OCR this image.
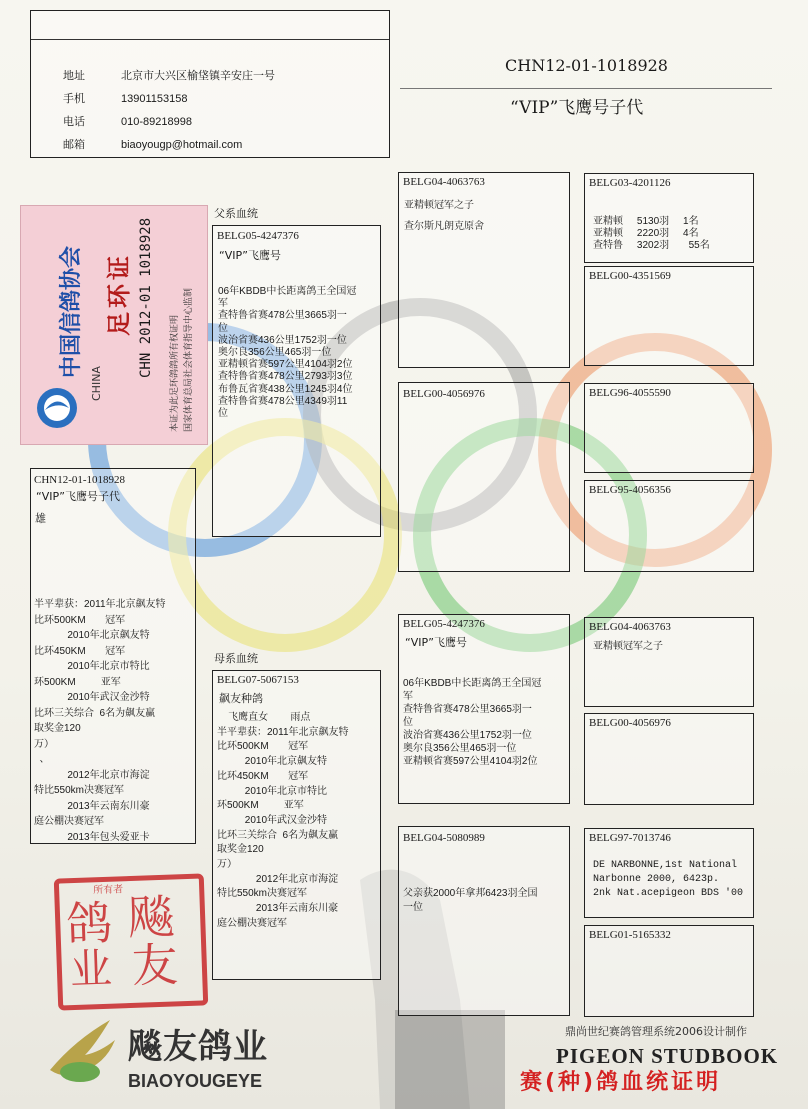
地址	北京市大兴区榆垡镇辛安庄一号
手机	13901153158
电话	010-89218998
邮箱	biaoyougp@hotmail.com
CHN12-01-1018928
“VIP”飞鹰号子代
CHINA
中国信鸽协会 足环证 CHN 2012-01 1018928 本证为此足环鸽鸽所有权证明 国家体育总局社会体育指导中心监制
CHN12-01-1018928
“VIP”飞鹰号子代
雄
半平辈获：2011年北京飙友特
比环500KM       冠军
2010年北京飙友特
比环450KM       冠军
2010年北京市特比
环500KM         亚军
2010年武汉金沙特
比环三关综合  6名为飙友赢
取奖金120
万）
、
2012年北京市海淀
特比550km决赛冠军
2013年云南东川豪
庭公棚决赛冠军
2013年包头爱亚卡
父系血统
BELG05-4247376
“VIP”飞鹰号
06年KBDB中长距离鸽王全国冠
军
查特鲁省赛478公里3665羽一
位
波治省赛436公里1752羽一位
奥尔良356公里465羽一位
亚精顿省赛597公里4104羽2位
查特鲁省赛478公里2793羽3位
布鲁瓦省赛438公里1245羽4位
查特鲁省赛478公里4349羽11
位
母系血统
BELG07-5067153
飙友种鸽
飞鹰直女        雨点
半平辈获：2011年北京飙友特
比环500KM       冠军
2010年北京飙友特
比环450KM       冠军
2010年北京市特比
环500KM         亚军
2010年武汉金沙特
比环三关综合  6名为飙友赢
取奖金120
万）
2012年北京市海淀
特比550km决赛冠军
2013年云南东川豪
庭公棚决赛冠军
BELG04-4063763
亚精顿冠军之子
查尔斯凡朗克原舍
BELG00-4056976
BELG05-4247376
“VIP”飞鹰号
06年KBDB中长距离鸽王全国冠
军
查特鲁省赛478公里3665羽一
位
波治省赛436公里1752羽一位
奥尔良356公里465羽一位
亚精顿省赛597公里4104羽2位
BELG04-5080989
父亲获2000年拿邦6423羽全国
一位
BELG03-4201126
亚精顿     5130羽     1名
亚精顿     2220羽     4名
查特鲁     3202羽       55名
BELG00-4351569
BELG96-4055590
BELG95-4056356
BELG04-4063763
亚精顿冠军之子
BELG00-4056976
BELG97-7013746
DE NARBONNE,1st National
Narbonne 2000, 6423p.
2nk Nat.acepigeon BDS '00
BELG01-5165332
所有者
鸽 飚
业 友
飚友鸽业
BIAOYOUGEYE
鼎尚世纪赛鸽管理系统2006设计制作
PIGEON STUDBOOK
赛(种)鸽血统证明
